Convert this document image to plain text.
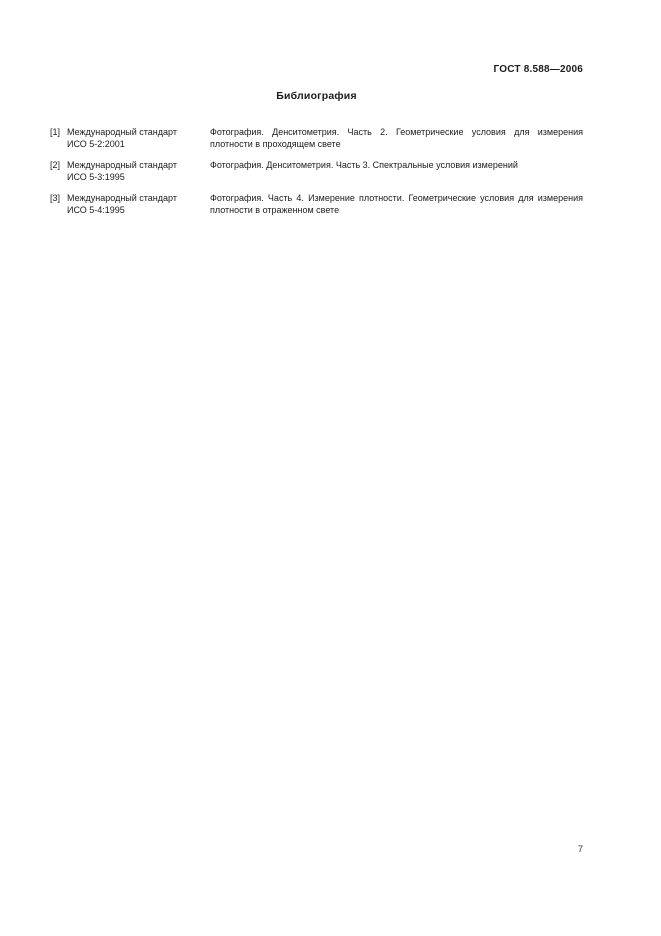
ГОСТ 8.588—2006
Библиография
[1] Международный стандарт
ИСО 5-2:2001
Фотография. Денситометрия. Часть 2. Геометрические условия для измерения плотности в проходящем свете
[2] Международный стандарт
ИСО 5-3:1995
Фотография. Денситометрия. Часть 3. Спектральные условия измерений
[3] Международный стандарт
ИСО 5-4:1995
Фотография. Часть 4. Измерение плотности. Геометрические условия для измерения плотности в отраженном свете
7
